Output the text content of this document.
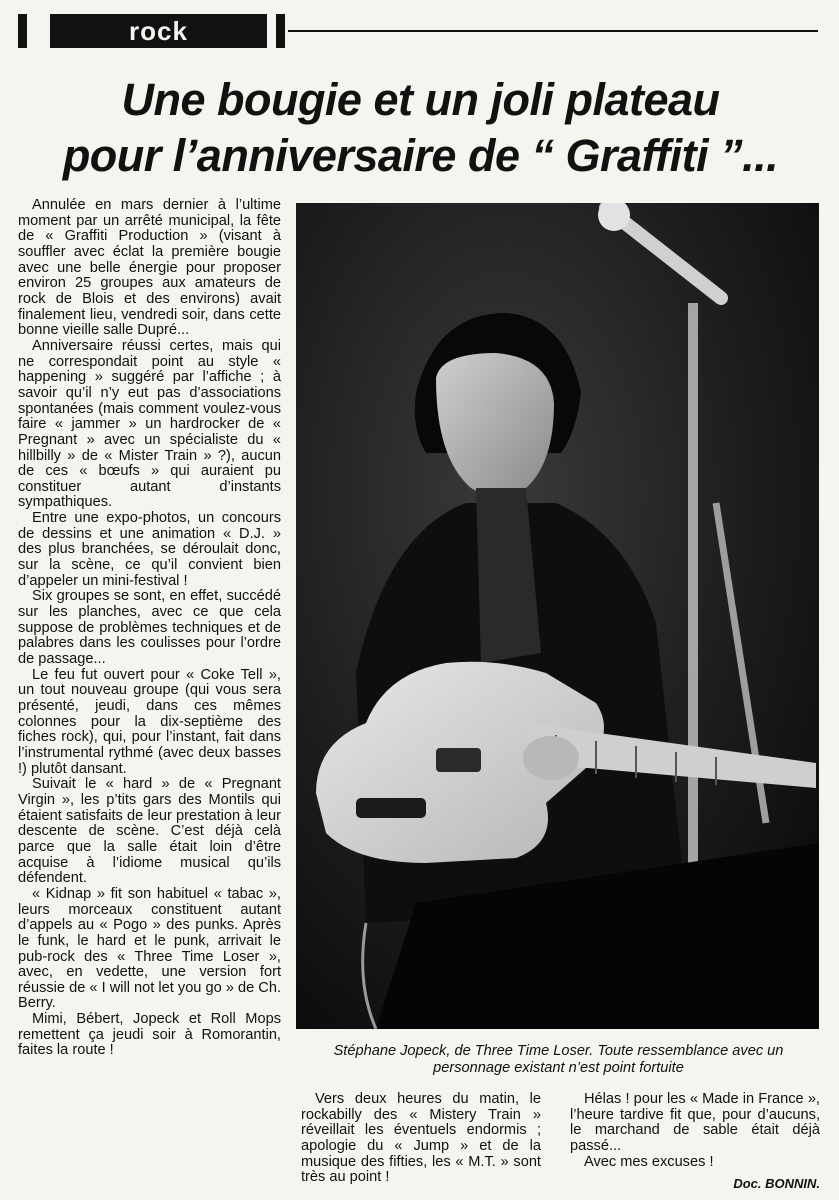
rock
Une bougie et un joli plateau
pour l’anniversaire de “ Graffiti ”...

Annulée en mars dernier à l’ultime moment par un arrêté municipal, la fête de « Graffiti Production » (visant à souffler avec éclat la première bougie avec une belle énergie pour proposer environ 25 groupes aux amateurs de rock de Blois et des environs) avait finalement lieu, vendredi soir, dans cette bonne vieille salle Dupré...

Anniversaire réussi certes, mais qui ne correspondait point au style « happening » suggéré par l’affiche ; à savoir qu’il n’y eut pas d’associations spontanées (mais comment voulez-vous faire « jammer » un hardrocker de « Pregnant » avec un spécialiste du « hillbilly » de « Mister Train » ?), aucun de ces « bœufs » qui auraient pu constituer autant d’instants sympathiques.

Entre une expo-photos, un concours de dessins et une animation « D.J. » des plus branchées, se déroulait donc, sur la scène, ce qu’il convient bien d’appeler un mini-festival !

Six groupes se sont, en effet, succédé sur les planches, avec ce que cela suppose de problèmes techniques et de palabres dans les coulisses pour l’ordre de passage...

Le feu fut ouvert pour « Coke Tell », un tout nouveau groupe (qui vous sera présenté, jeudi, dans ces mêmes colonnes pour la dix-septième des fiches rock), qui, pour l’instant, fait dans l’instrumental rythmé (avec deux basses !) plutôt dansant.

Suivait le « hard » de « Pregnant Virgin », les p’tits gars des Montils qui étaient satisfaits de leur prestation à leur descente de scène. C’est déjà celà parce que la salle était loin d’être acquise à l’idiome musical qu’ils défendent.

« Kidnap » fit son habituel « tabac », leurs morceaux constituent autant d’appels au « Pogo » des punks. Après le funk, le hard et le punk, arrivait le pub-rock des « Three Time Loser », avec, en vedette, une version fort réussie de « I will not let you go » de Ch. Berry.

Mimi, Bébert, Jopeck et Roll Mops remettent ça jeudi soir à Romorantin, faites la route !	Stéphane Jopeck, de Three Time Loser. Toute ressemblance avec un personnage existant n’est point fortuite

Vers deux heures du matin, le rockabilly des « Mistery Train » réveillait les éventuels endormis ; apologie du « Jump » et de la musique des fifties, les « M.T. » sont très au point !

Hélas ! pour les « Made in France », l’heure tardive fit que, pour d’aucuns, le marchand de sable était déjà passé...

Avec mes excuses !

Doc. BONNIN.
